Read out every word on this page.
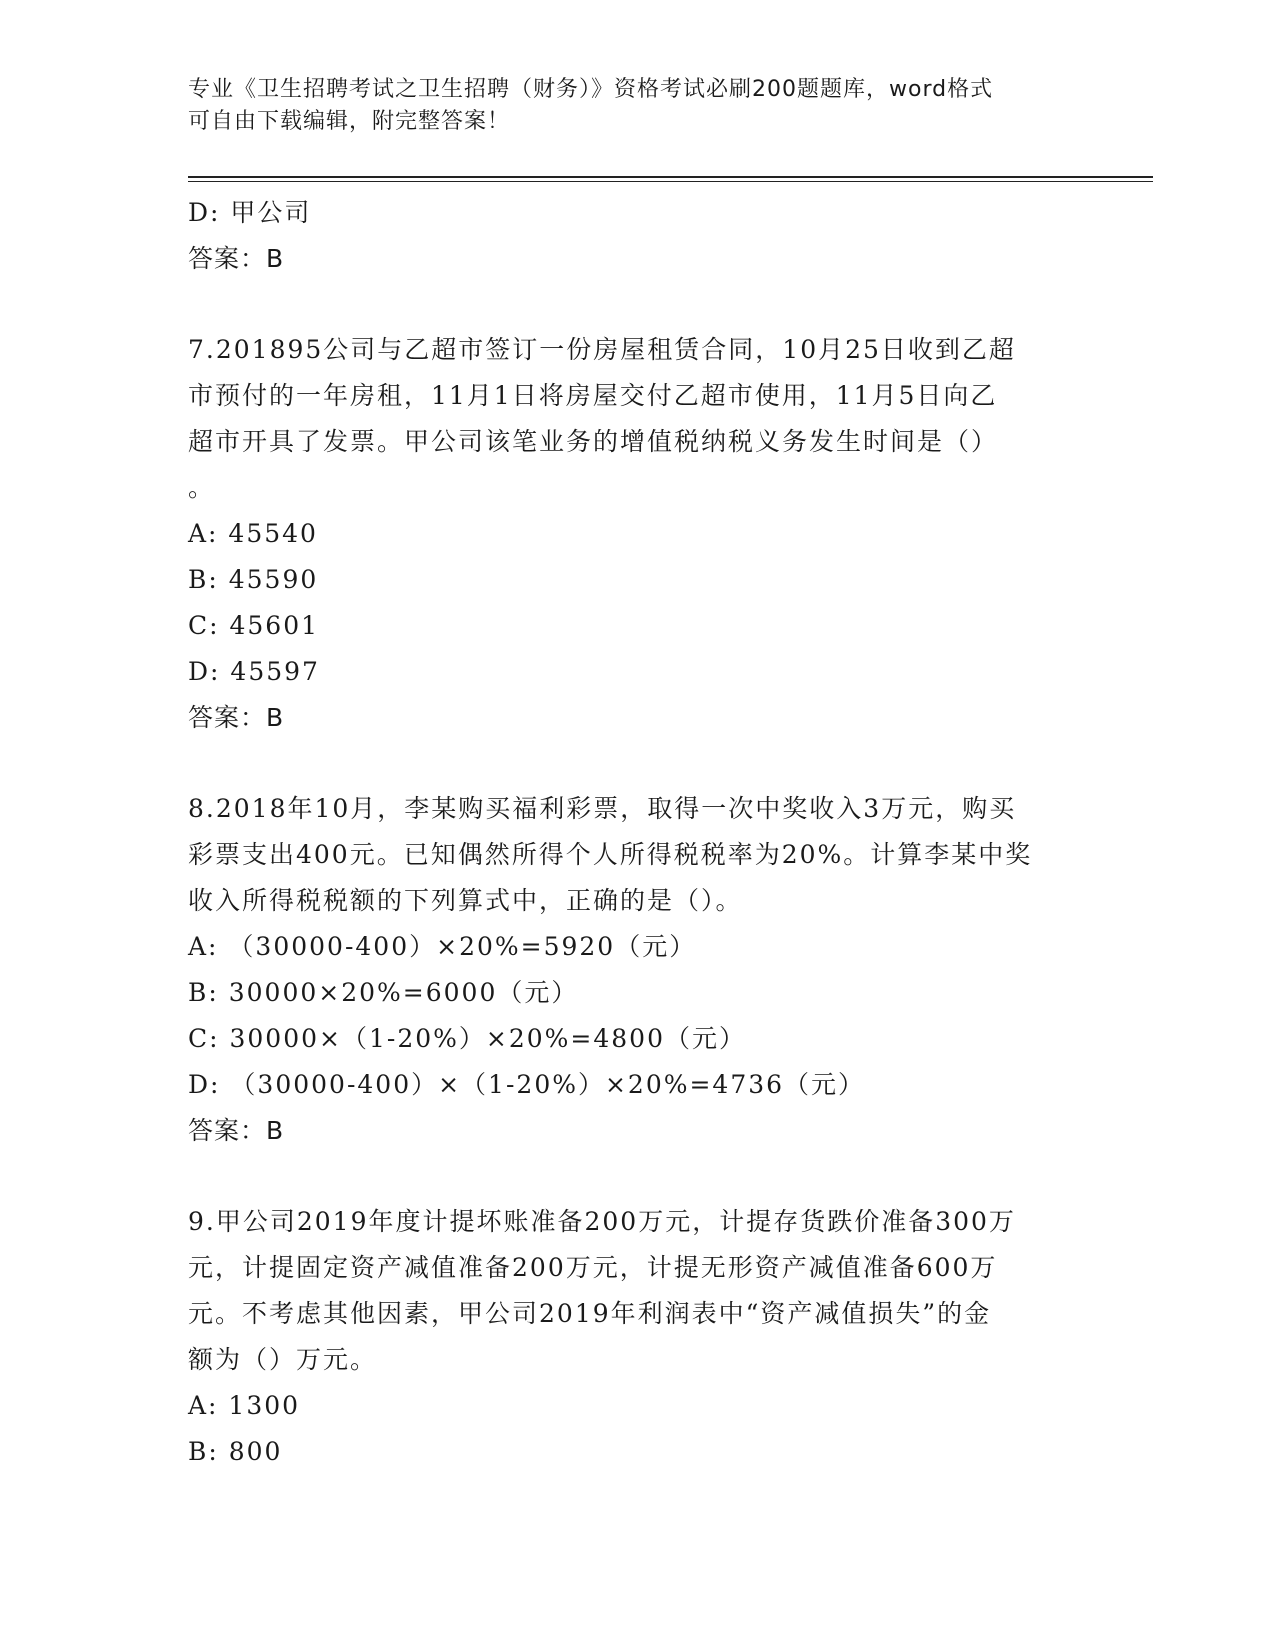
专业《卫生招聘考试之卫生招聘（财务）》资格考试必刷200题题库，word格式
可自由下载编辑，附完整答案！
D: 甲公司
答案：B
7.201895公司与乙超市签订一份房屋租赁合同，10月25日收到乙超
市预付的一年房租，11月1日将房屋交付乙超市使用，11月5日向乙
超市开具了发票。甲公司该笔业务的增值税纳税义务发生时间是（）
。
A: 45540
B: 45590
C: 45601
D: 45597
答案：B
8.2018年10月，李某购买福利彩票，取得一次中奖收入3万元，购买
彩票支出400元。已知偶然所得个人所得税税率为20%。计算李某中奖
收入所得税税额的下列算式中，正确的是（）。
A: （30000-400）×20%=5920（元）
B: 30000×20%=6000（元）
C: 30000×（1-20%）×20%=4800（元）
D: （30000-400）×（1-20%）×20%=4736（元）
答案：B
9.甲公司2019年度计提坏账准备200万元，计提存货跌价准备300万
元，计提固定资产减值准备200万元，计提无形资产减值准备600万
元。不考虑其他因素，甲公司2019年利润表中“资产减值损失”的金
额为（）万元。
A: 1300
B: 800
